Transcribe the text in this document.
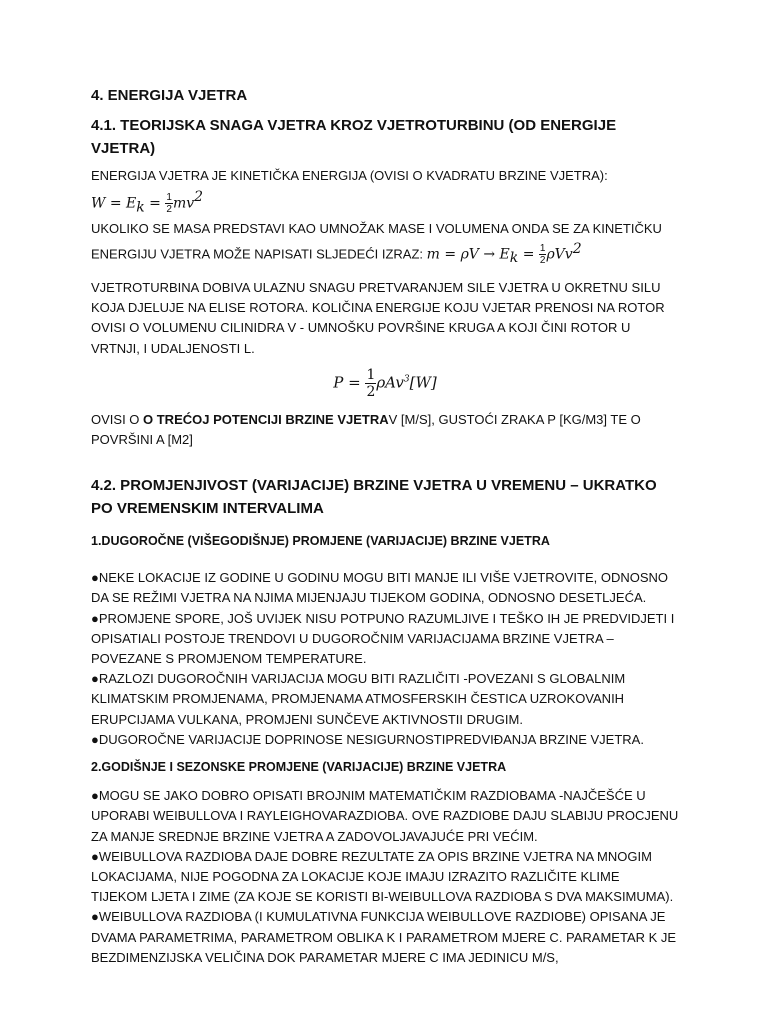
4. ENERGIJA VJETRA

4.1. TEORIJSKA SNAGA VJETRA KROZ VJETROTURBINU (OD ENERGIJE VJETRA)

ENERGIJA VJETRA JE KINETIČKA ENERGIJA (OVISI O KVADRATU BRZINE VJETRA):

$W = E_k = \frac{1}{2} mv^2$

UKOLIKO SE MASA PREDSTAVI KAO UMNOŽAK MASE I VOLUMENA ONDA SE ZA KINETIČKU

ENERGIJU VJETRA MOŽE NAPISATI SLJEDEĆI IZRAZ: $m = \rho V \to E_k = \frac{1}{2} \rho Vv^2$

VJETROTURBINA DOBIVA ULAZNU SNAGU PRETVARANJEM SILE VJETRA U OKRETNU SILU KOJA DJELUJE NA ELISE ROTORA. KOLIČINA ENERGIJE KOJU VJETAR PRENOSI NA ROTOR OVISI O VOLUMENU CILINIDRA V - UMNOŠKU POVRŠINE KRUGA A KOJI ČINI ROTOR U VRTNJI, I UDALJENOSTI L.

$P = \frac{1}{2} \rho Av^3[W]$

OVISI O O TREĆOJ POTENCIJI BRZINE VJETRAV [M/S], GUSTOĆI ZRAKA P [KG/M3] TE O POVRŠINI A [M2]

4.2. PROMJENJIVOST (VARIJACIJE) BRZINE VJETRA U VREMENU – UKRATKO PO VREMENSKIM INTERVALIMA

1.DUGOROČNE (VIŠEGODIŠNJE) PROMJENE (VARIJACIJE) BRZINE VJETRA

●NEKE LOKACIJE IZ GODINE U GODINU MOGU BITI MANJE ILI VIŠE VJETROVITE, ODNOSNO DA SE REŽIMI VJETRA NA NJIMA MIJENJAJU TIJEKOM GODINA, ODNOSNO DESETLJEĆA.

●PROMJENE SPORE, JOŠ UVIJEK NISU POTPUNO RAZUMLJIVE I TEŠKO IH JE PREDVIDJETI I OPISATIALI POSTOJE TRENDOVI U DUGOROČNIM VARIJACIJAMA BRZINE VJETRA –POVEZANE S PROMJENOM TEMPERATURE.

●RAZLOZI DUGOROČNIH VARIJACIJA MOGU BITI RAZLIČITI -POVEZANI S GLOBALNIM KLIMATSKIM PROMJENAMA, PROMJENAMA ATMOSFERSKIH ČESTICA UZROKOVANIH ERUPCIJAMA VULKANA, PROMJENI SUNČEVE AKTIVNOSTII DRUGIM.

●DUGOROČNE VARIJACIJE DOPRINOSE NESIGURNOSTIPREDVIĐANJA BRZINE VJETRA.

2.GODIŠNJE I SEZONSKE PROMJENE (VARIJACIJE) BRZINE VJETRA

●MOGU SE JAKO DOBRO OPISATI BROJNIM MATEMATIČKIM RAZDIOBAMA -NAJČEŠĆE U UPORABI WEIBULLOVA I RAYLEIGHOVARAZDIOBA. OVE RAZDIOBE DAJU SLABIJU PROCJENU ZA MANJE SREDNJE BRZINE VJETRA A ZADOVOLJAVAJUĆE PRI VEĆIM.

●WEIBULLOVA RAZDIOBA DAJE DOBRE REZULTATE ZA OPIS BRZINE VJETRA NA MNOGIM LOKACIJAMA, NIJE POGODNA ZA LOKACIJE KOJE IMAJU IZRAZITO RAZLIČITE KLIME TIJEKOM LJETA I ZIME (ZA KOJE SE KORISTI BI-WEIBULLOVA RAZDIOBA S DVA MAKSIMUMA).

●WEIBULLOVA RAZDIOBA (I KUMULATIVNA FUNKCIJA WEIBULLOVE RAZDIOBE) OPISANA JE DVAMA PARAMETRIMA, PARAMETROM OBLIKA K I PARAMETROM MJERE C. PARAMETAR K JE BEZDIMENZIJSKA VELIČINA DOK PARAMETAR MJERE C IMA JEDINICU M/S,
